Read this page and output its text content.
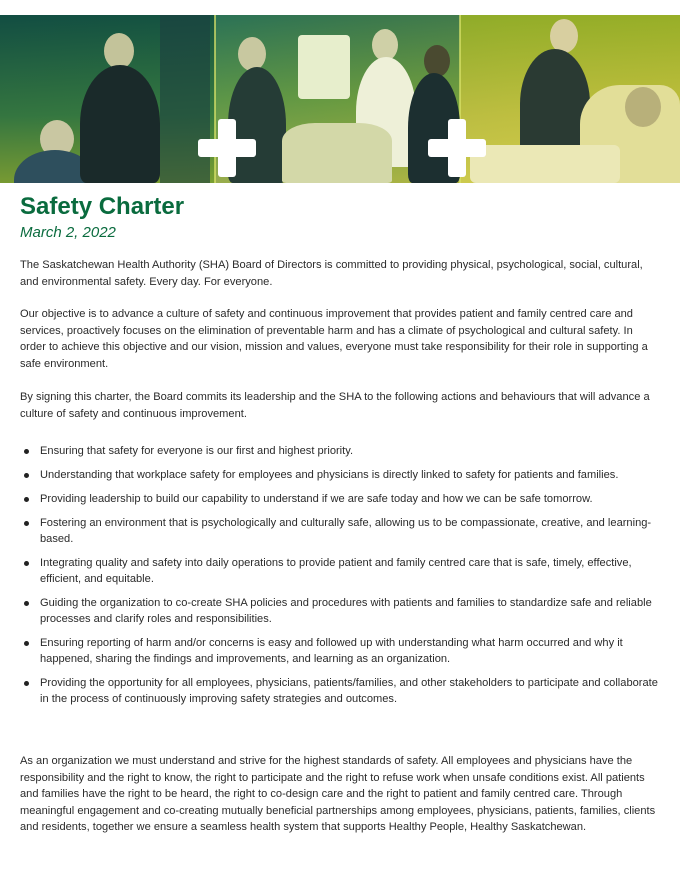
Safety Charter
March 2, 2022

The Saskatchewan Health Authority (SHA) Board of Directors is committed to providing physical, psychological, social, cultural, and environmental safety. Every day. For everyone.

Our objective is to advance a culture of safety and continuous improvement that provides patient and family centred care and services, proactively focuses on the elimination of preventable harm and has a climate of psychological and cultural safety. In order to achieve this objective and our vision, mission and values, everyone must take responsibility for their role in supporting a safe environment.

By signing this charter, the Board commits its leadership and the SHA to the following actions and behaviours that will advance a culture of safety and continuous improvement.

Ensuring that safety for everyone is our first and highest priority.
Understanding that workplace safety for employees and physicians is directly linked to safety for patients and families.
Providing leadership to build our capability to understand if we are safe today and how we can be safe tomorrow.
Fostering an environment that is psychologically and culturally safe, allowing us to be compassionate, creative, and learning-based.
Integrating quality and safety into daily operations to provide patient and family centred care that is safe, timely, effective, efficient, and equitable.
Guiding the organization to co-create SHA policies and procedures with patients and families to standardize safe and reliable processes and clarify roles and responsibilities.
Ensuring reporting of harm and/or concerns is easy and followed up with understanding what harm occurred and why it happened, sharing the findings and improvements, and learning as an organization.
Providing the opportunity for all employees, physicians, patients/families, and other stakeholders to participate and collaborate in the process of continuously improving safety strategies and outcomes.

As an organization we must understand and strive for the highest standards of safety. All employees and physicians have the responsibility and the right to know, the right to participate and the right to refuse work when unsafe conditions exist. All patients and families have the right to be heard, the right to co-design care and the right to patient and family centred care. Through meaningful engagement and co-creating mutually beneficial partnerships among employees, physicians, patients, families, clients and residents, together we ensure a seamless health system that supports Healthy People, Healthy Saskatchewan.
